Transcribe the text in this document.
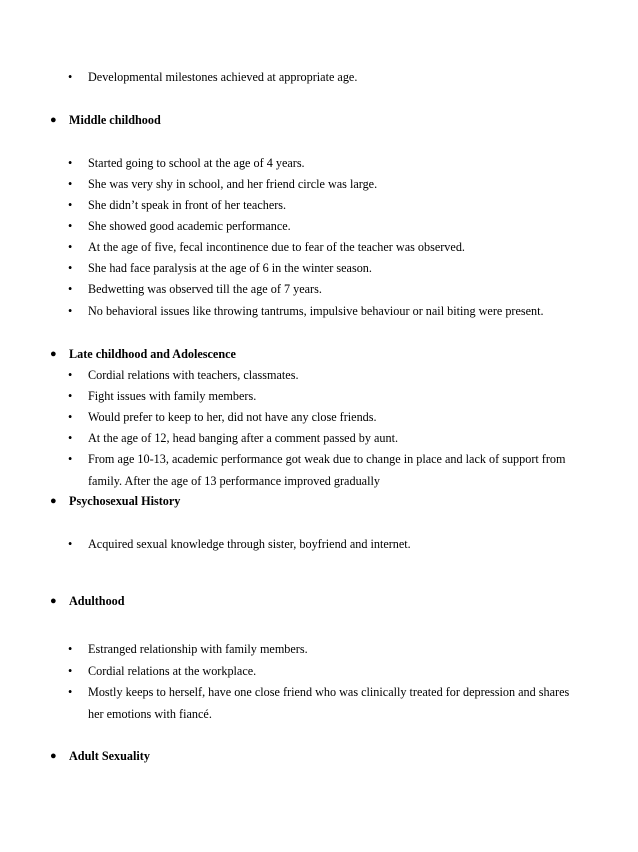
• Developmental milestones achieved at appropriate age.
● Middle childhood
• Started going to school at the age of 4 years.
• She was very shy in school, and her friend circle was large.
• She didn’t speak in front of her teachers.
• She showed good academic performance.
• At the age of five, fecal incontinence due to fear of the teacher was observed.
• She had face paralysis at the age of 6 in the winter season.
• Bedwetting was observed till the age of 7 years.
• No behavioral issues like throwing tantrums, impulsive behaviour or nail biting were present.
● Late childhood and Adolescence
• Cordial relations with teachers, classmates.
• Fight issues with family members.
• Would prefer to keep to her, did not have any close friends.
• At the age of 12, head banging after a comment passed by aunt.
• From age 10-13, academic performance got weak due to change in place and lack of support from
family. After the age of 13 performance improved gradually
● Psychosexual History
• Acquired sexual knowledge through sister, boyfriend and internet.
● Adulthood
• Estranged relationship with family members.
• Cordial relations at the workplace.
• Mostly keeps to herself, have one close friend who was clinically treated for depression and shares
her emotions with fiancé.
● Adult Sexuality
